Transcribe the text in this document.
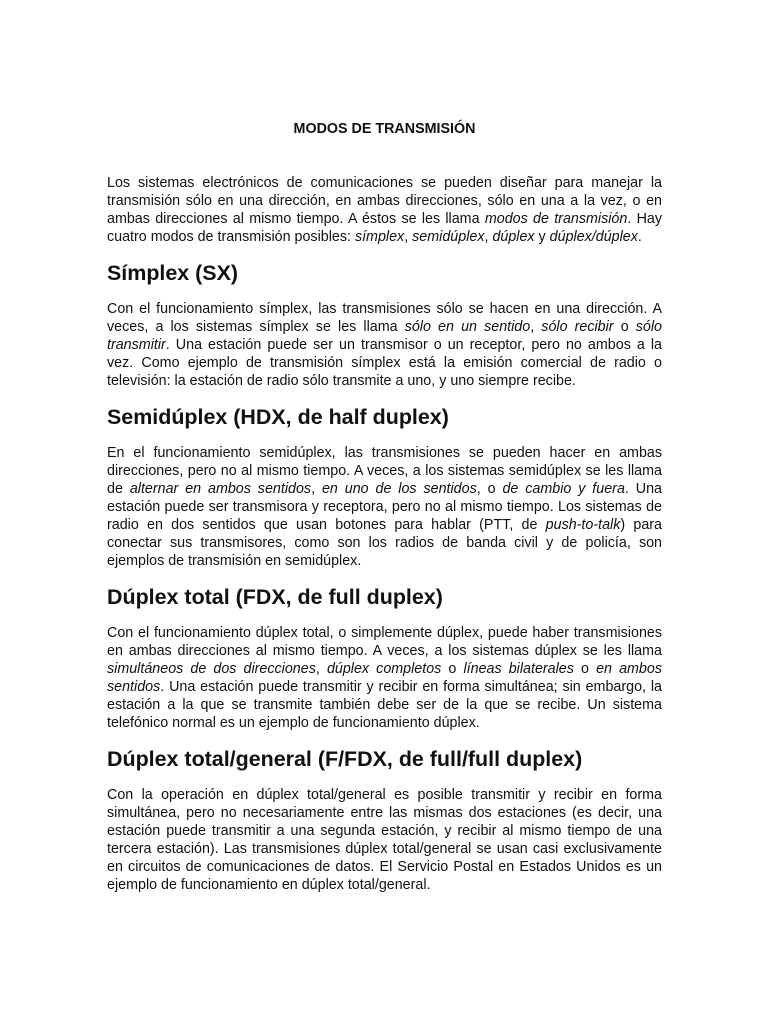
MODOS DE TRANSMISIÓN

Los sistemas electrónicos de comunicaciones se pueden diseñar para manejar la transmisión sólo en una dirección, en ambas direcciones, sólo en una a la vez, o en ambas direcciones al mismo tiempo. A éstos se les llama modos de transmisión. Hay cuatro modos de transmisión posibles: símplex, semidúplex, dúplex y dúplex/dúplex.

Símplex (SX)

Con el funcionamiento símplex, las transmisiones sólo se hacen en una dirección. A veces, a los sistemas símplex se les llama sólo en un sentido, sólo recibir o sólo transmitir. Una estación puede ser un transmisor o un receptor, pero no ambos a la vez. Como ejemplo de transmisión símplex está la emisión comercial de radio o televisión: la estación de radio sólo transmite a uno, y uno siempre recibe.

Semidúplex (HDX, de half duplex)

En el funcionamiento semidúplex, las transmisiones se pueden hacer en ambas direcciones, pero no al mismo tiempo. A veces, a los sistemas semidúplex se les llama de alternar en ambos sentidos, en uno de los sentidos, o de cambio y fuera. Una estación puede ser transmisora y receptora, pero no al mismo tiempo. Los sistemas de radio en dos sentidos que usan botones para hablar (PTT, de push-to-talk) para conectar sus transmisores, como son los radios de banda civil y de policía, son ejemplos de transmisión en semidúplex.

Dúplex total (FDX, de full duplex)

Con el funcionamiento dúplex total, o simplemente dúplex, puede haber transmisiones en ambas direcciones al mismo tiempo. A veces, a los sistemas dúplex se les llama simultáneos de dos direcciones, dúplex completos o líneas bilaterales o en ambos sentidos. Una estación puede transmitir y recibir en forma simultánea; sin embargo, la estación a la que se transmite también debe ser de la que se recibe. Un sistema telefónico normal es un ejemplo de funcionamiento dúplex.

Dúplex total/general (F/FDX, de full/full duplex)

Con la operación en dúplex total/general es posible transmitir y recibir en forma simultánea, pero no necesariamente entre las mismas dos estaciones (es decir, una estación puede transmitir a una segunda estación, y recibir al mismo tiempo de una tercera estación). Las transmisiones dúplex total/general se usan casi exclusivamente en circuitos de comunicaciones de datos. El Servicio Postal en Estados Unidos es un ejemplo de funcionamiento en dúplex total/general.
